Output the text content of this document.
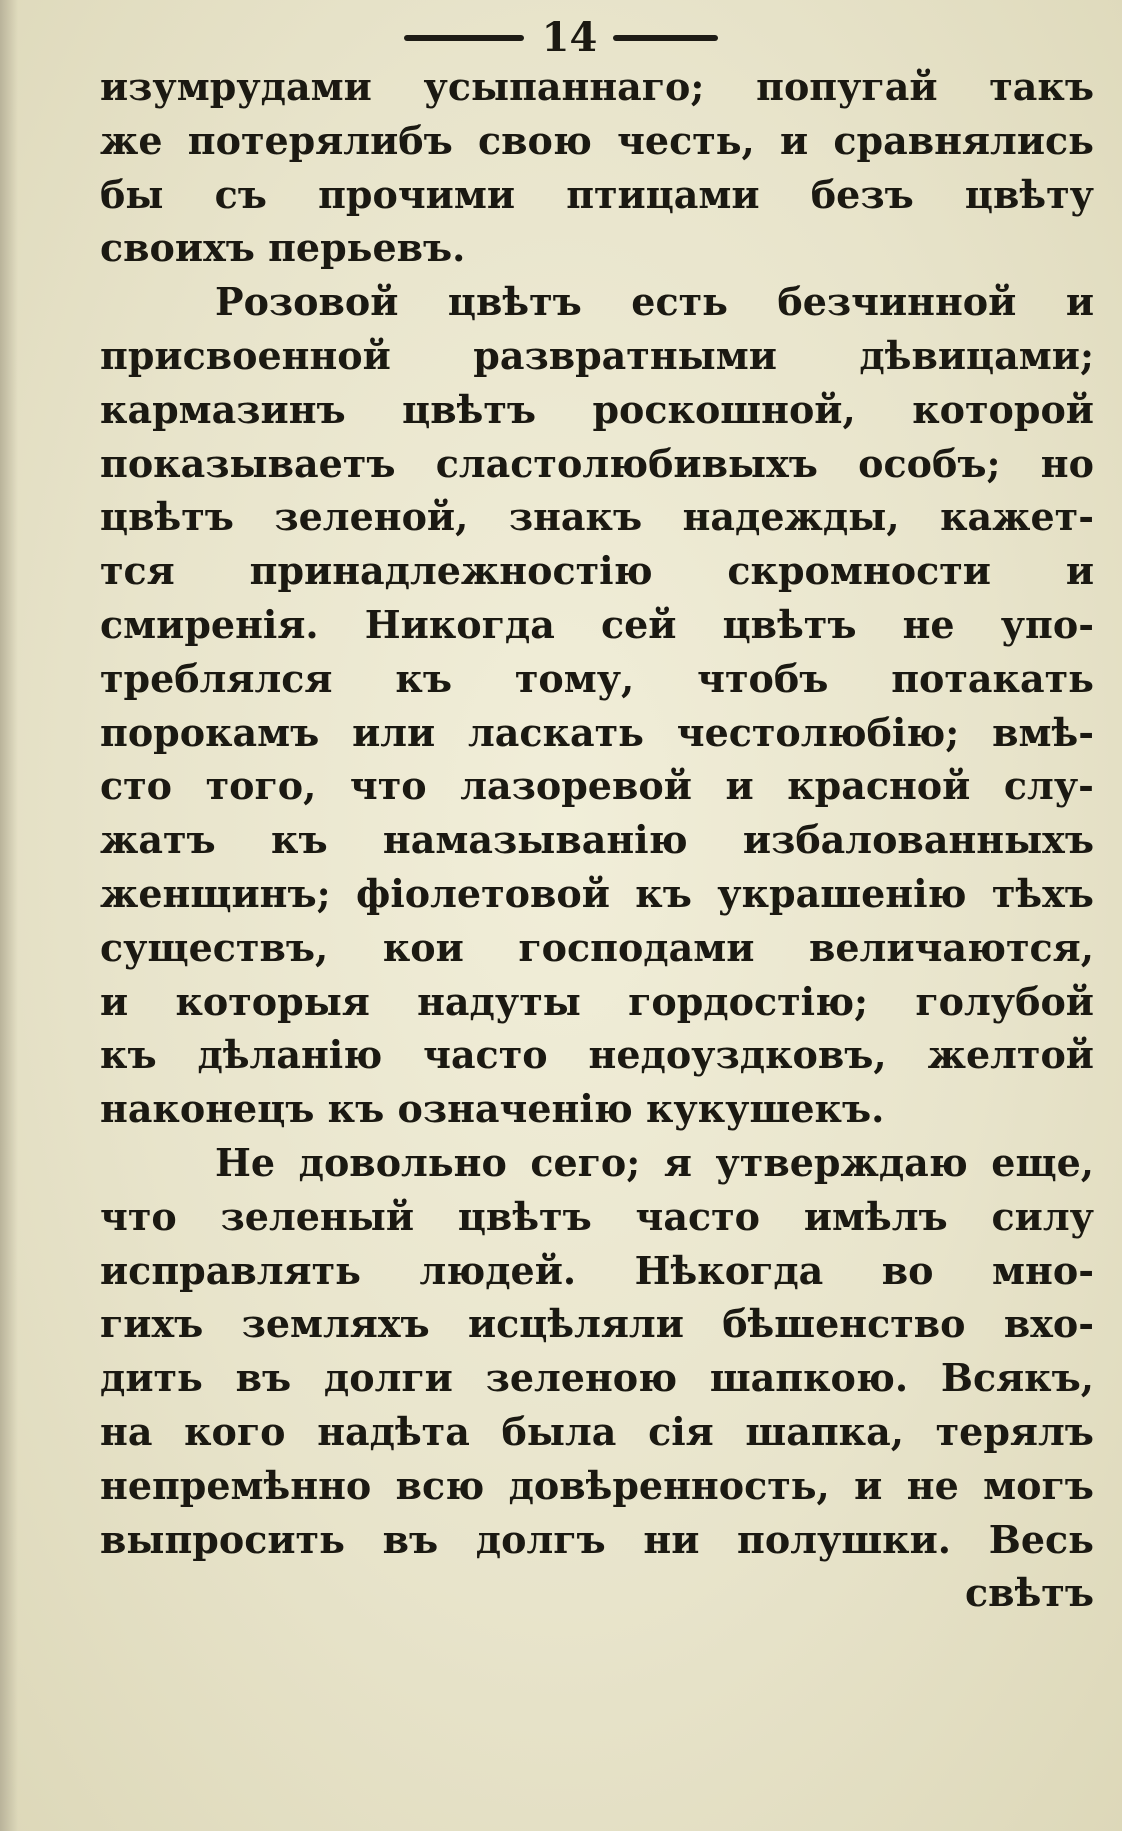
14
изумрудами усыпаннаго; попугай такъ
же потерялибъ свою честь, и сравнялись
бы съ прочими птицами безъ цвѣту
своихъ перьевъ.
Розовой цвѣтъ есть безчинной и
присвоенной развратными дѣвицами;
кармазинъ цвѣтъ роскошной, которой
показываетъ сластолюбивыхъ особъ; но
цвѣтъ зеленой, знакъ надежды, кажет-
тся принадлежностію скромности и
смиренія. Никогда сей цвѣтъ не упо-
треблялся къ тому, чтобъ потакать
порокамъ или ласкать честолюбію; вмѣ-
сто того, что лазоревой и красной слу-
жатъ къ намазыванію избалованныхъ
женщинъ; фіолетовой къ украшенію тѣхъ
существъ, кои господами величаются,
и которыя надуты гордостію; голубой
къ дѣланію часто недоуздковъ, желтой
наконецъ къ означенію кукушекъ.
Не довольно сего; я утверждаю еще,
что зеленый цвѣтъ часто имѣлъ силу
исправлять людей. Нѣкогда во мно-
гихъ земляхъ исцѣляли бѣшенство вхо-
дить въ долги зеленою шапкою. Всякъ,
на кого надѣта была сія шапка, терялъ
непремѣнно всю довѣренность, и не могъ
выпросить въ долгъ ни полушки. Весь
свѣтъ
